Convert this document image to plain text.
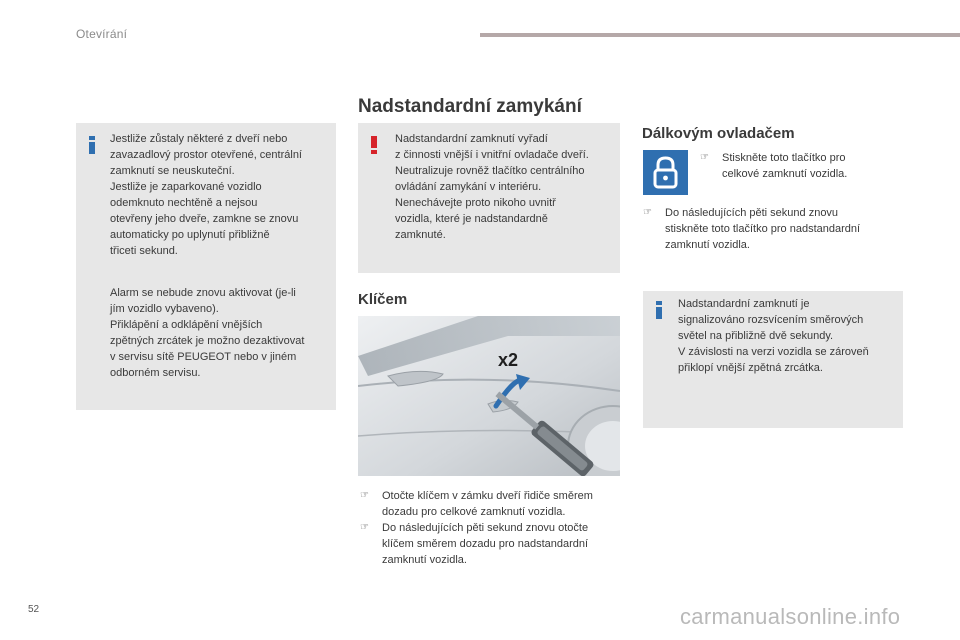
Otevírání
Nadstandardní zamykání

Jestliže zůstaly některé z dveří nebo
zavazadlový prostor otevřené, centrální
zamknutí se neuskuteční.
Jestliže je zaparkované vozidlo
odemknuto nechtěně a nejsou
otevřeny jeho dveře, zamkne se znovu
automaticky po uplynutí přibližně
třiceti sekund.

Alarm se nebude znovu aktivovat (je-li
jím vozidlo vybaveno).
Přiklápění a odklápění vnějších
zpětných zrcátek je možno dezaktivovat
v servisu sítě PEUGEOT nebo v jiném
odborném servisu.

Nadstandardní zamknutí vyřadí
z činnosti vnější i vnitřní ovladače dveří.
Neutralizuje rovněž tlačítko centrálního
ovládání zamykání v interiéru.
Nenechávejte proto nikoho uvnitř
vozidla, které je nadstandardně
zamknuté.

Klíčem
x2
☞	Otočte klíčem v zámku dveří řidiče směrem
dozadu pro celkové zamknutí vozidla.
☞	Do následujících pěti sekund znovu otočte
klíčem směrem dozadu pro nadstandardní
zamknutí vozidla.
Dálkovým ovladačem
☞	Stiskněte toto tlačítko pro
celkové zamknutí vozidla.
☞	Do následujících pěti sekund znovu
stiskněte toto tlačítko pro nadstandardní
zamknutí vozidla.

Nadstandardní zamknutí je
signalizováno rozsvícením směrových
světel na přibližně dvě sekundy.
V závislosti na verzi vozidla se zároveň
přiklopí vnější zpětná zrcátka.

52	carmanualsonline.info
